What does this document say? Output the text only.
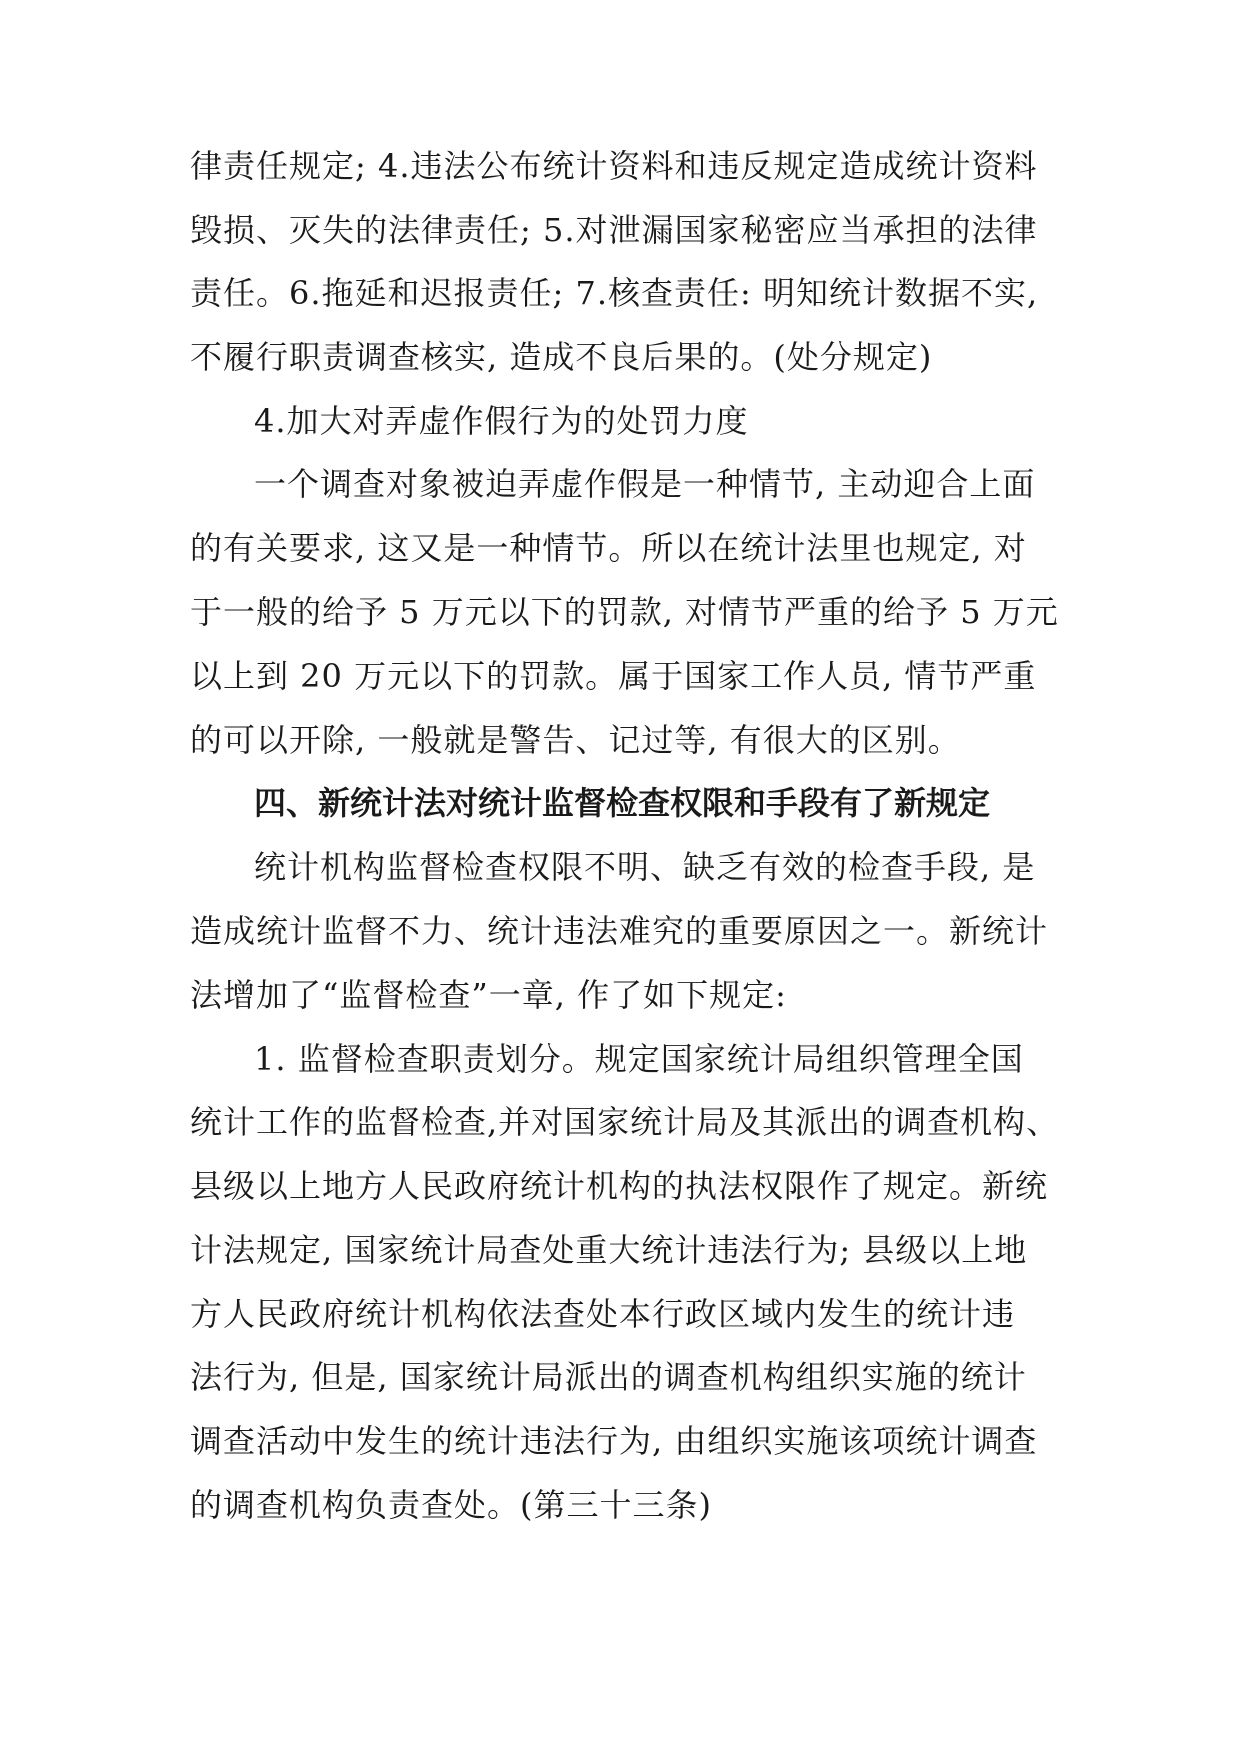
律责任规定; 4.违法公布统计资料和违反规定造成统计资料
毁损、灭失的法律责任; 5.对泄漏国家秘密应当承担的法律
责任。6.拖延和迟报责任; 7.核查责任: 明知统计数据不实,
不履行职责调查核实, 造成不良后果的。(处分规定)
4.加大对弄虚作假行为的处罚力度
一个调查对象被迫弄虚作假是一种情节, 主动迎合上面
的有关要求, 这又是一种情节。所以在统计法里也规定, 对
于一般的给予 5 万元以下的罚款, 对情节严重的给予 5 万元
以上到 20 万元以下的罚款。属于国家工作人员, 情节严重
的可以开除, 一般就是警告、记过等, 有很大的区别。
四、新统计法对统计监督检查权限和手段有了新规定
统计机构监督检查权限不明、缺乏有效的检查手段, 是
造成统计监督不力、统计违法难究的重要原因之一。新统计
法增加了“监督检查”一章, 作了如下规定:
1. 监督检查职责划分。规定国家统计局组织管理全国
统计工作的监督检查,并对国家统计局及其派出的调查机构、
县级以上地方人民政府统计机构的执法权限作了规定。新统
计法规定, 国家统计局查处重大统计违法行为; 县级以上地
方人民政府统计机构依法查处本行政区域内发生的统计违
法行为, 但是, 国家统计局派出的调查机构组织实施的统计
调查活动中发生的统计违法行为, 由组织实施该项统计调查
的调查机构负责查处。(第三十三条)
